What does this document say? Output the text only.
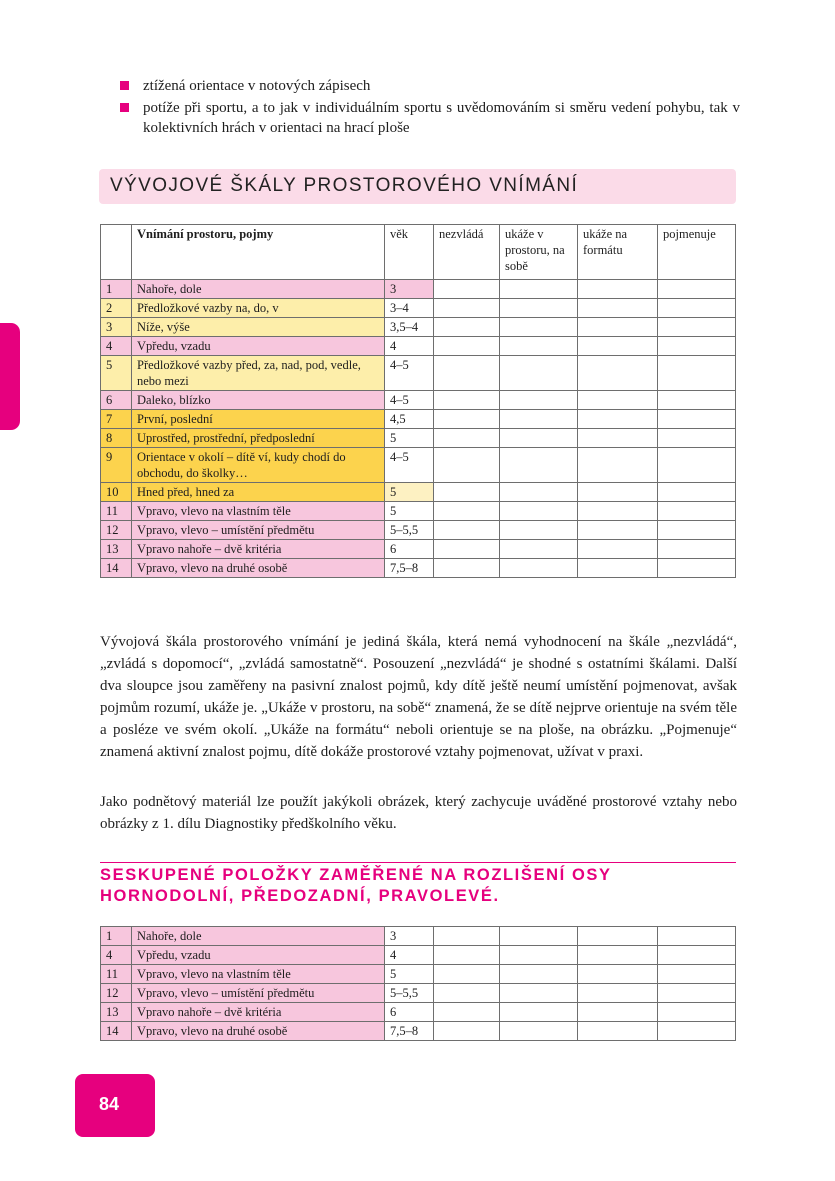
ztížená orientace v notových zápisech
potíže při sportu, a to jak v individuálním sportu s uvědomováním si směru vedení pohybu, tak v kolektivních hrách v orientaci na hrací ploše
VÝVOJOVÉ ŠKÁLY PROSTOROVÉHO VNÍMÁNÍ
	Vnímání prostoru, pojmy	věk	nezvládá	ukáže v prostoru, na sobě	ukáže na formátu	pojmenuje
1	Nahoře, dole	3				
2	Předložkové vazby na, do, v	3–4				
3	Níže, výše	3,5–4				
4	Vpředu, vzadu	4				
5	Předložkové vazby před, za, nad, pod, vedle, nebo mezi	4–5				
6	Daleko, blízko	4–5				
7	První, poslední	4,5				
8	Uprostřed, prostřední, předposlední	5				
9	Orientace v okolí – dítě ví, kudy chodí do obchodu, do školky…	4–5				
10	Hned před, hned za	5				
11	Vpravo, vlevo na vlastním těle	5				
12	Vpravo, vlevo – umístění předmětu	5–5,5				
13	Vpravo nahoře – dvě kritéria	6				
14	Vpravo, vlevo na druhé osobě	7,5–8				

Vývojová škála prostorového vnímání je jediná škála, která nemá vyhodnocení na škále „nezvládá“, „zvládá s dopomocí“, „zvládá samostatně“. Posouzení „nezvládá“ je shodné s ostatními škálami. Další dva sloupce jsou zaměřeny na pasivní znalost pojmů, kdy dítě ještě neumí umístění pojmenovat, avšak pojmům rozumí, ukáže je. „Ukáže v prostoru, na sobě“ znamená, že se dítě nejprve orientuje na svém těle a posléze ve svém okolí. „Ukáže na formátu“ neboli orientuje se na ploše, na obrázku. „Pojmenuje“ znamená aktivní znalost pojmu, dítě dokáže prostorové vztahy pojmenovat, užívat v praxi.

Jako podnětový materiál lze použít jakýkoli obrázek, který zachycuje uváděné prostorové vztahy nebo obrázky z 1. dílu Diagnostiky předškolního věku.

SESKUPENÉ POLOŽKY ZAMĚŘENÉ NA ROZLIŠENÍ OSY HORNODOLNÍ, PŘEDOZADNÍ, PRAVOLEVÉ.

1	Nahoře, dole	3				
4	Vpředu, vzadu	4				
11	Vpravo, vlevo na vlastním těle	5				
12	Vpravo, vlevo – umístění předmětu	5–5,5				
13	Vpravo nahoře – dvě kritéria	6				
14	Vpravo, vlevo na druhé osobě	7,5–8				
84
